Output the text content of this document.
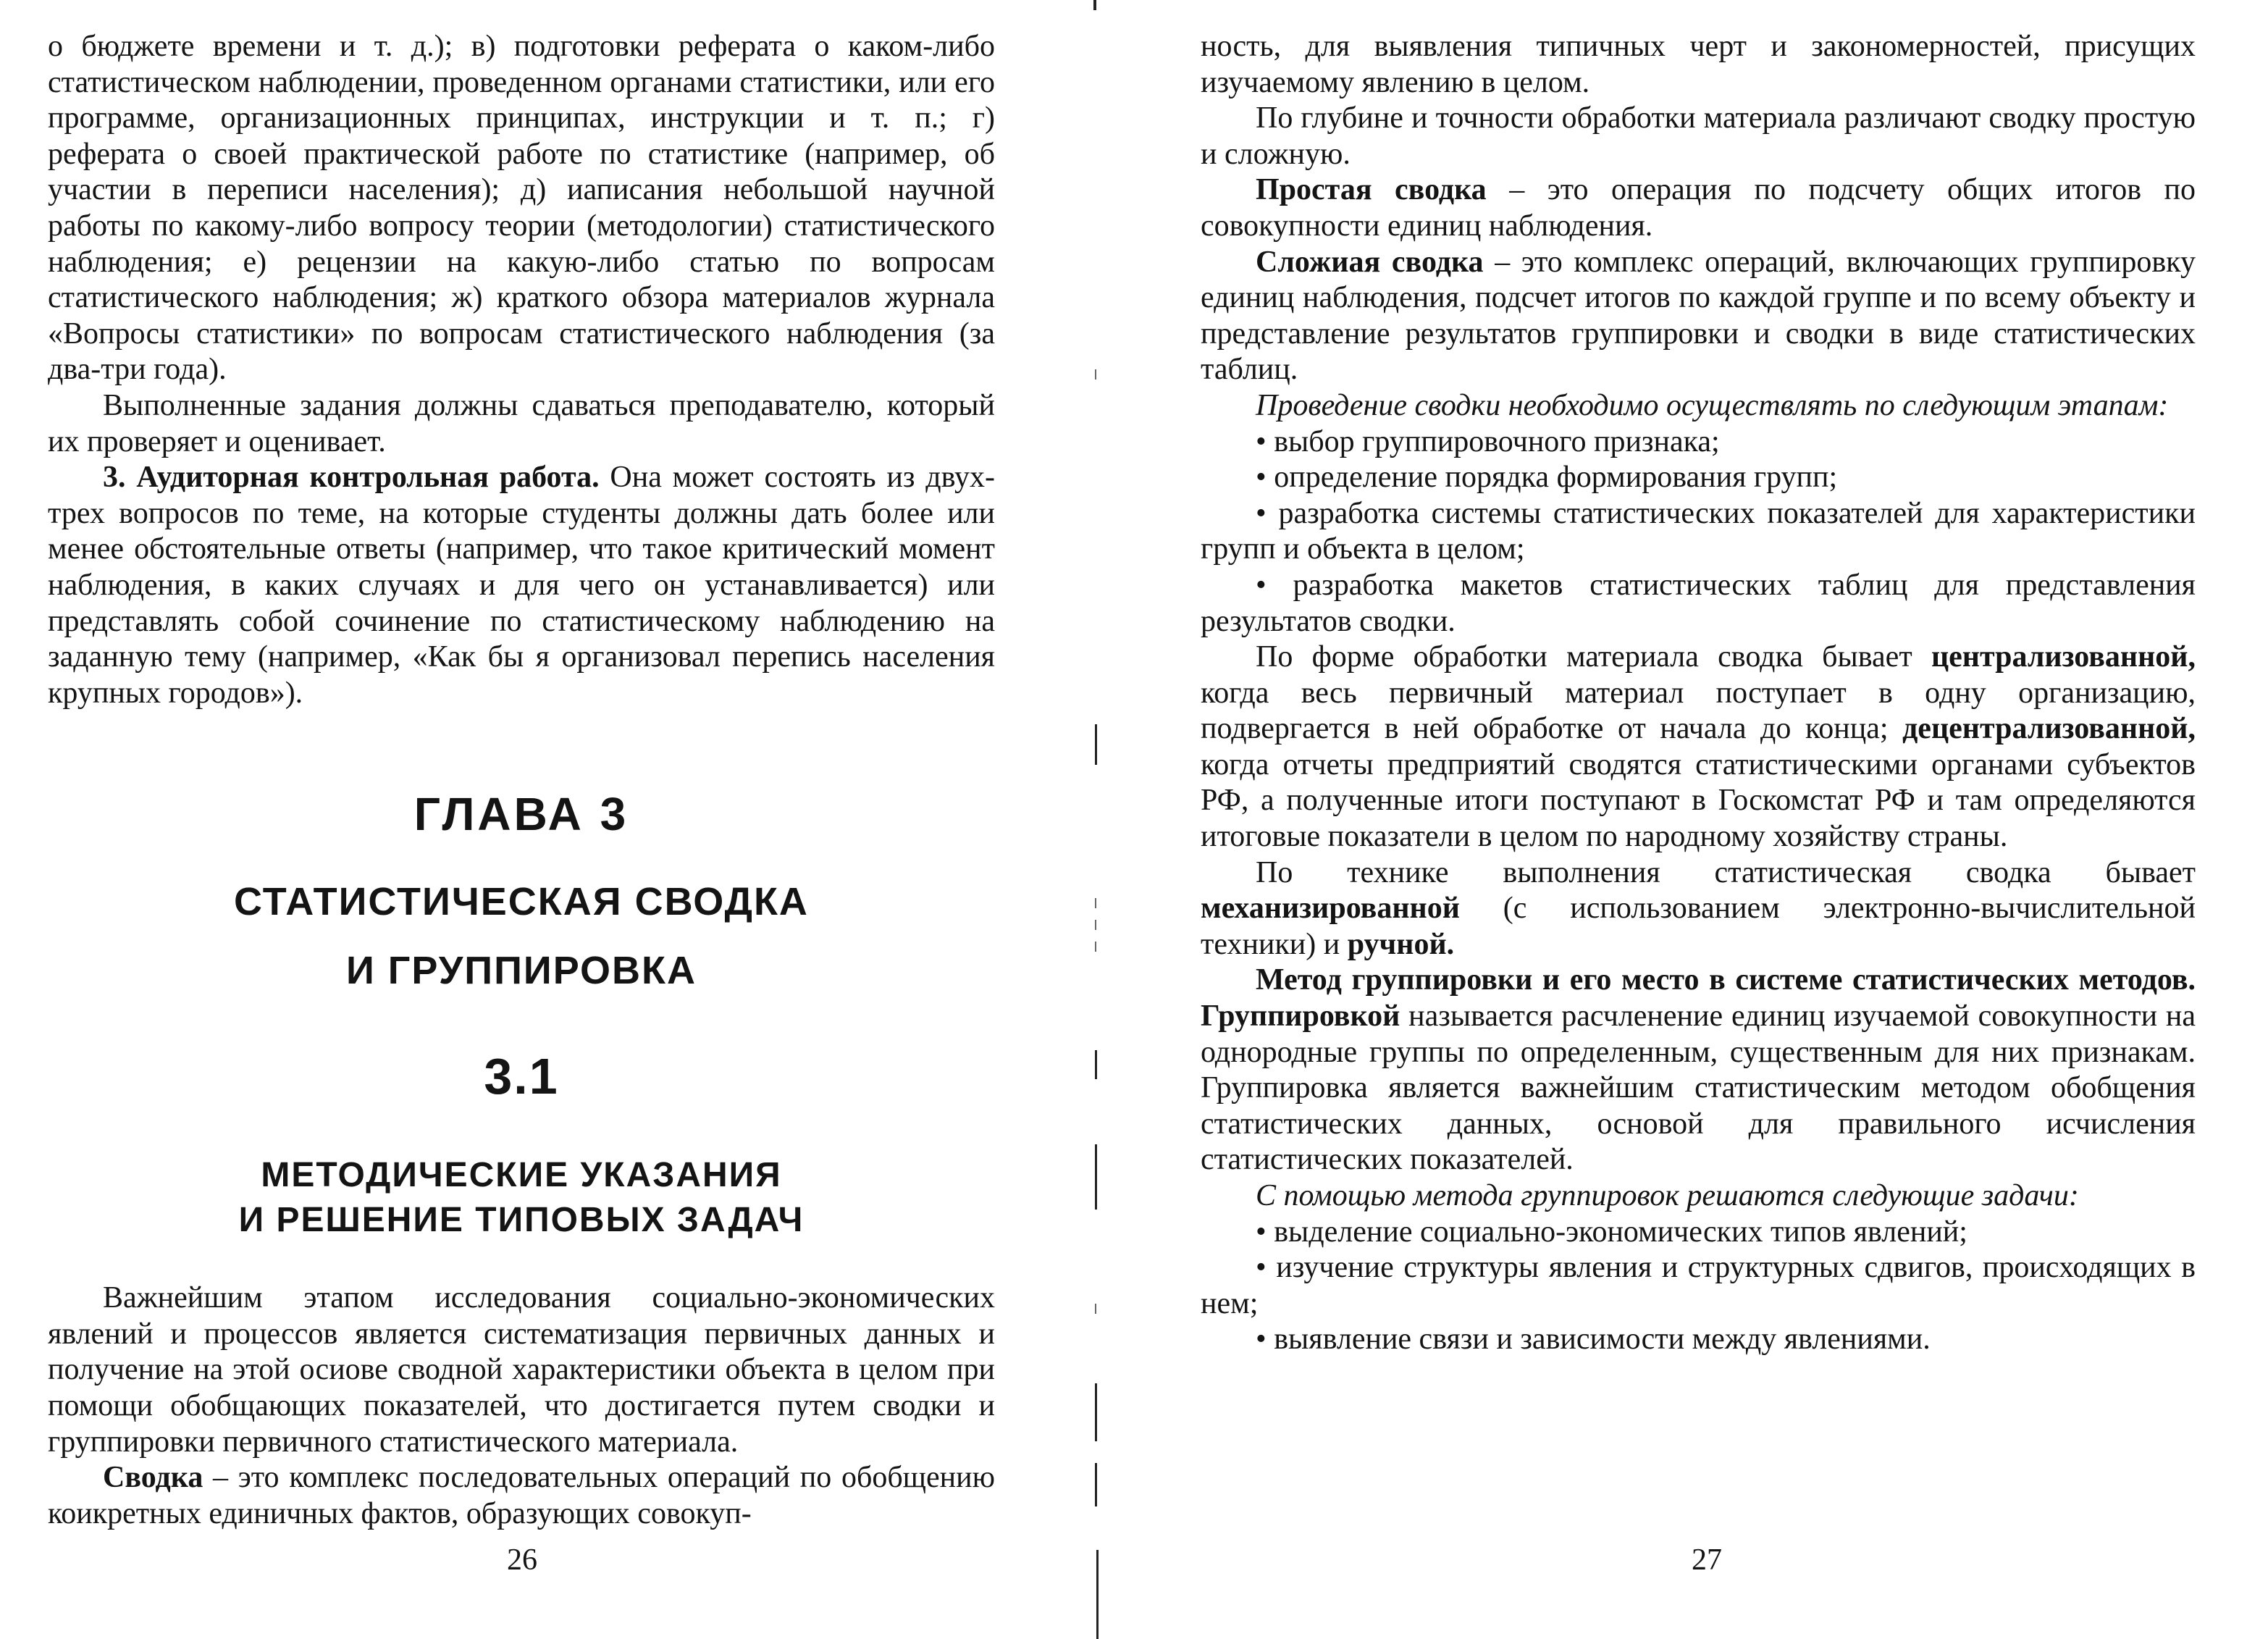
о бюджете времени и т. д.); в) подготовки реферата о каком-либо статистическом наблюдении, проведенном органами статистики, или его программе, организационных принципах, инструкции и т. п.; г) реферата о своей практической работе по статистике (например, об участии в переписи населения); д) иаписания небольшой научной работы по какому-либо вопросу теории (методологии) статистического наблюдения; е) рецензии на какую-либо статью по вопросам статистического наблюдения; ж) краткого обзора материалов журнала «Вопросы статистики» по вопросам статистического наблюдения (за два-три года).

Выполненные задания должны сдаваться преподавателю, который их проверяет и оценивает.

3. Аудиторная контрольная работа. Она может состоять из двух-трех вопросов по теме, на которые студенты должны дать более или менее обстоятельные ответы (например, что такое критический момент наблюдения, в каких случаях и для чего он устанавливается) или представлять собой сочинение по статистическому наблюдению на заданную тему (например, «Как бы я организовал перепись населения крупных городов»).

ГЛАВА 3
СТАТИСТИЧЕСКАЯ СВОДКА
И ГРУППИРОВКА
3.1
МЕТОДИЧЕСКИЕ УКАЗАНИЯ
И РЕШЕНИЕ ТИПОВЫХ ЗАДАЧ

Важнейшим этапом исследования социально-экономических явлений и процессов является систематизация первичных данных и получение на этой осиове сводной характеристики объекта в целом при помощи обобщающих показателей, что достигается путем сводки и группировки первичного статистического материала.

Сводка – это комплекс последовательных операций по обобщению коикретных единичных фактов, образующих совокуп-

26

ность, для выявления типичных черт и закономерностей, присущих изучаемому явлению в целом.

По глубине и точности обработки материала различают сводку простую и сложную.

Простая сводка – это операция по подсчету общих итогов по совокупности единиц наблюдения.

Сложиая сводка – это комплекс операций, включающих группировку единиц наблюдения, подсчет итогов по каждой группе и по всему объекту и представление результатов группировки и сводки в виде статистических таблиц.

Проведение сводки необходимо осуществлять по следующим этапам:

• выбор группировочного признака;

• определение порядка формирования групп;

• разработка системы статистических показателей для характеристики групп и объекта в целом;

• разработка макетов статистических таблиц для представления результатов сводки.

По форме обработки материала сводка бывает централизованной, когда весь первичный материал поступает в одну организацию, подвергается в ней обработке от начала до конца; децентрализованной, когда отчеты предприятий сводятся статистическими органами субъектов РФ, а полученные итоги поступают в Госкомстат РФ и там определяются итоговые показатели в целом по народному хозяйству страны.

По технике выполнения статистическая сводка бывает механизированной (с использованием электронно-вычислительной техники) и ручной.

Метод группировки и его место в системе статистических методов. Группировкой называется расчленение единиц изучаемой совокупности на однородные группы по определенным, существенным для них признакам. Группировка является важнейшим статистическим методом обобщения статистических данных, основой для правильного исчисления статистических показателей.

С помощью метода группировок решаются следующие задачи:

• выделение социально-экономических типов явлений;

• изучение структуры явления и структурных сдвигов, происходящих в нем;

• выявление связи и зависимости между явлениями.

27
